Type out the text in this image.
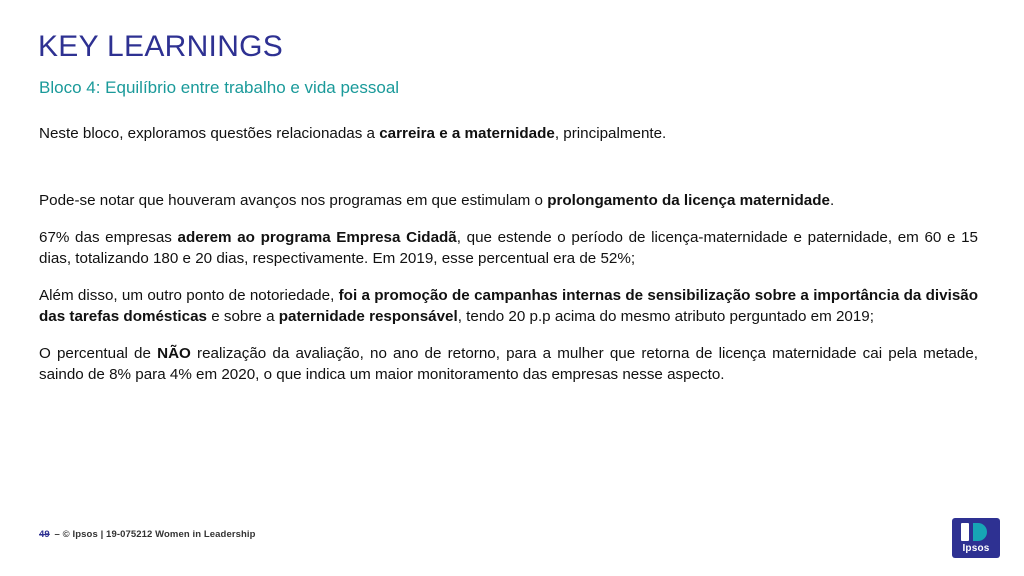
KEY LEARNINGS
Bloco 4: Equilíbrio entre trabalho e vida pessoal

Neste bloco, exploramos questões relacionadas a carreira e a maternidade, principalmente.

Pode-se notar que houveram avanços nos programas em que estimulam o prolongamento da licença maternidade.

67% das empresas aderem ao programa Empresa Cidadã, que estende o período de licença-maternidade e paternidade, em 60 e 15 dias, totalizando 180 e 20 dias, respectivamente. Em 2019, esse percentual era de 52%;

Além disso, um outro ponto de notoriedade, foi a promoção de campanhas internas de sensibilização sobre a importância da divisão das tarefas domésticas e sobre a paternidade responsável, tendo 20 p.p acima do mesmo atributo perguntado em 2019;

O percentual de NÃO realização da avaliação, no ano de retorno, para a mulher que retorna de licença maternidade cai pela metade, saindo de 8% para 4% em 2020, o que indica um maior monitoramento das empresas nesse aspecto.

49 – © Ipsos | 19-075212 Women in Leadership
Ipsos
